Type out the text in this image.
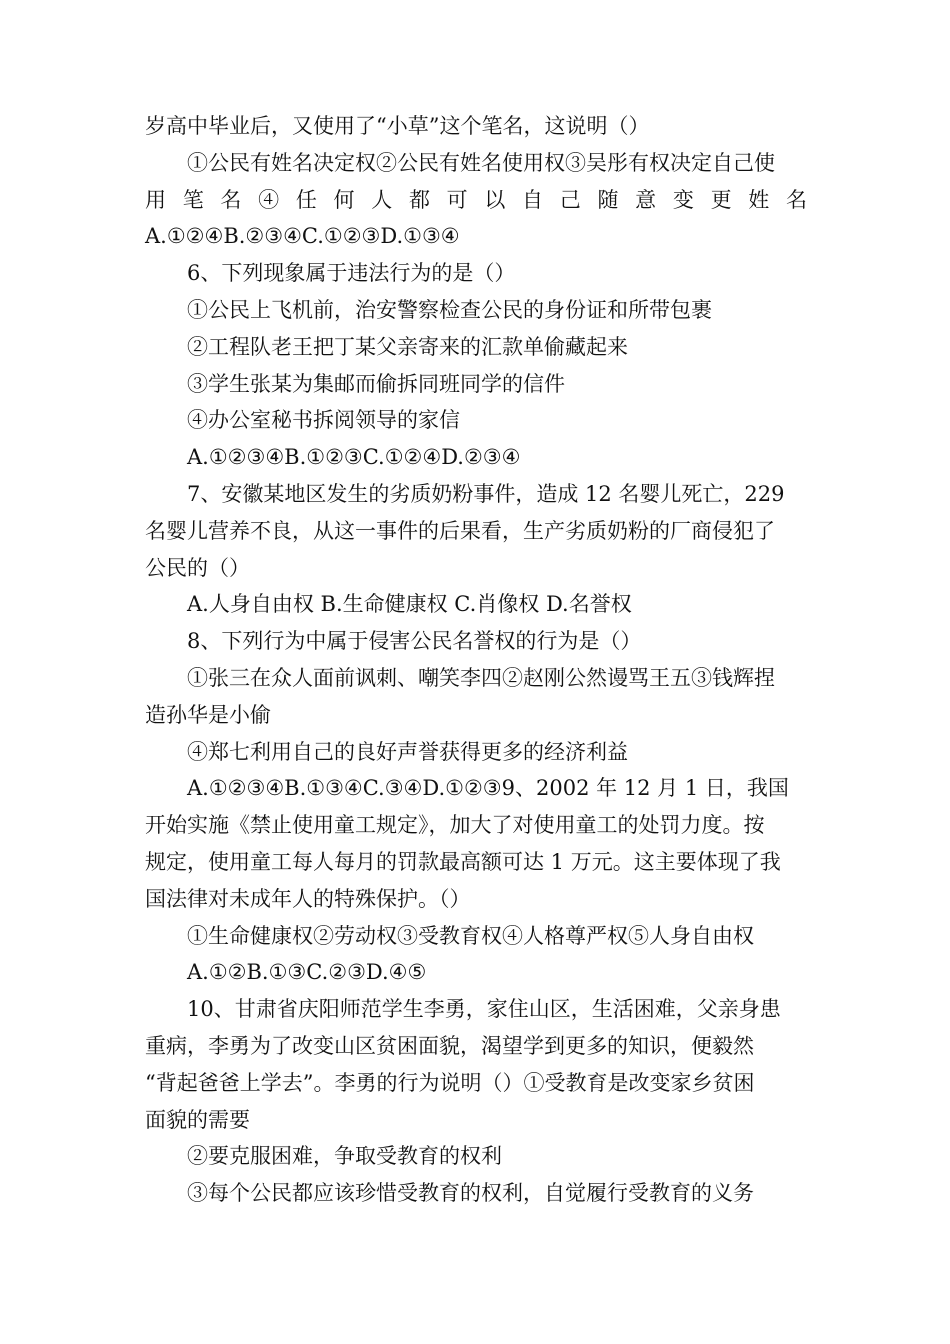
岁高中毕业后，又使用了“小草”这个笔名，这说明（）
①公民有姓名决定权②公民有姓名使用权③吴彤有权决定自己使
用 笔 名 ④ 任 何 人 都 可 以 自 己 随 意 变 更 姓 名
A.①②④B.②③④C.①②③D.①③④
6、下列现象属于违法行为的是（）
①公民上飞机前，治安警察检查公民的身份证和所带包裹
②工程队老王把丁某父亲寄来的汇款单偷藏起来
③学生张某为集邮而偷拆同班同学的信件
④办公室秘书拆阅领导的家信
A.①②③④B.①②③C.①②④D.②③④
7、安徽某地区发生的劣质奶粉事件，造成 12 名婴儿死亡，229
名婴儿营养不良，从这一事件的后果看，生产劣质奶粉的厂商侵犯了
公民的（）
A.人身自由权 B.生命健康权 C.肖像权 D.名誉权
8、下列行为中属于侵害公民名誉权的行为是（）
①张三在众人面前讽刺、嘲笑李四②赵刚公然谩骂王五③钱辉捏
造孙华是小偷
④郑七利用自己的良好声誉获得更多的经济利益
A.①②③④B.①③④C.③④D.①②③9、2002 年 12 月 1 日，我国
开始实施《禁止使用童工规定》，加大了对使用童工的处罚力度。按
规定，使用童工每人每月的罚款最高额可达 1 万元。这主要体现了我
国法律对未成年人的特殊保护。（）
①生命健康权②劳动权③受教育权④人格尊严权⑤人身自由权
A.①②B.①③C.②③D.④⑤
10、甘肃省庆阳师范学生李勇，家住山区，生活困难，父亲身患
重病，李勇为了改变山区贫困面貌，渴望学到更多的知识，便毅然
“背起爸爸上学去”。李勇的行为说明（）①受教育是改变家乡贫困
面貌的需要
②要克服困难，争取受教育的权利
③每个公民都应该珍惜受教育的权利，自觉履行受教育的义务
